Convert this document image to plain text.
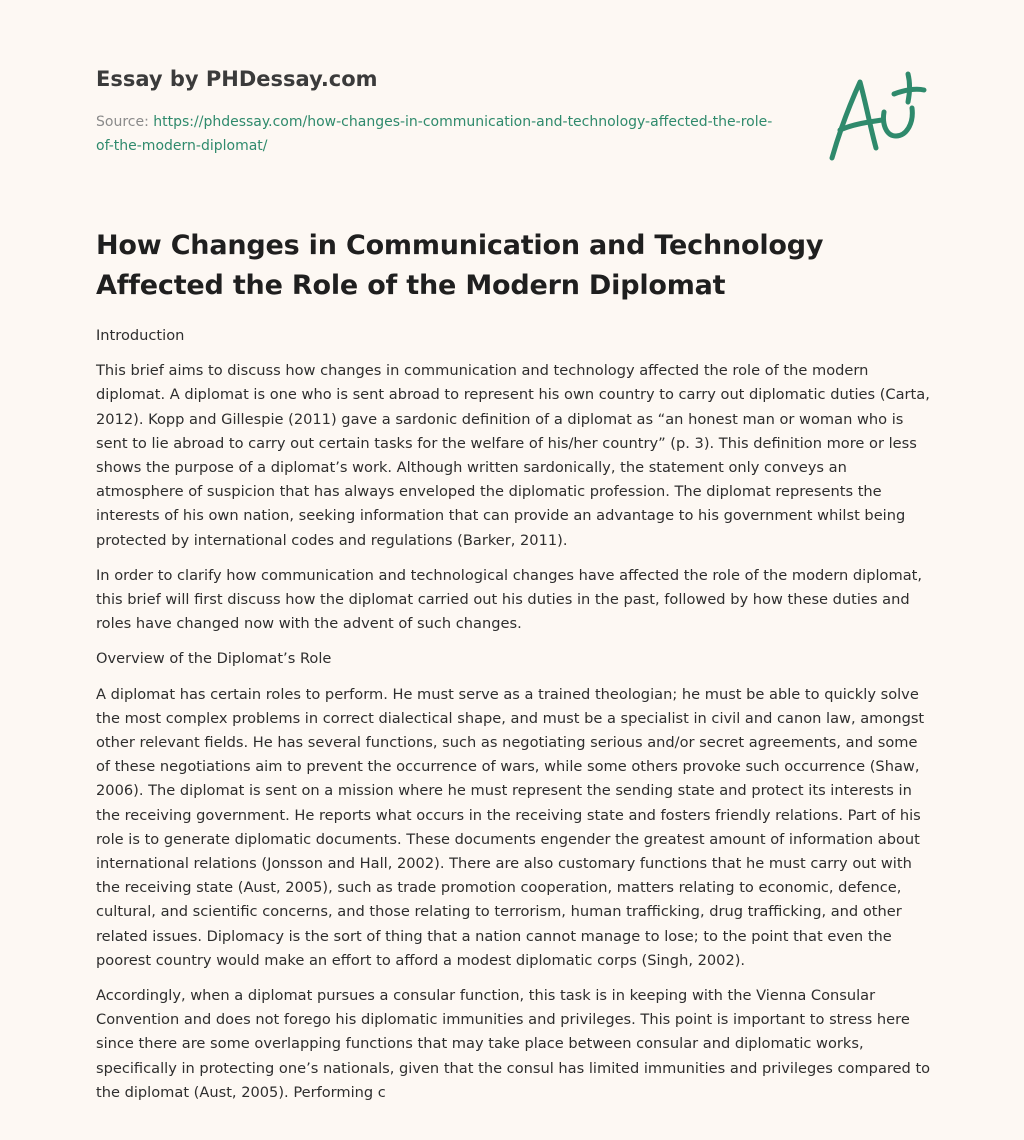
Essay by PHDessay.com
Source: https://phdessay.com/how-changes-in-communication-and-technology-affected-the-role-of-the-modern-diplomat/
How Changes in Communication and Technology Affected the Role of the Modern Diplomat
Introduction

This brief aims to discuss how changes in communication and technology affected the role of the modern diplomat. A diplomat is one who is sent abroad to represent his own country to carry out diplomatic duties (Carta, 2012). Kopp and Gillespie (2011) gave a sardonic definition of a diplomat as “an honest man or woman who is sent to lie abroad to carry out certain tasks for the welfare of his/her country” (p. 3). This definition more or less shows the purpose of a diplomat’s work. Although written sardonically, the statement only conveys an atmosphere of suspicion that has always enveloped the diplomatic profession. The diplomat represents the interests of his own nation, seeking information that can provide an advantage to his government whilst being protected by international codes and regulations (Barker, 2011).

In order to clarify how communication and technological changes have affected the role of the modern diplomat, this brief will first discuss how the diplomat carried out his duties in the past, followed by how these duties and roles have changed now with the advent of such changes.

Overview of the Diplomat’s Role

A diplomat has certain roles to perform. He must serve as a trained theologian; he must be able to quickly solve the most complex problems in correct dialectical shape, and must be a specialist in civil and canon law, amongst other relevant fields. He has several functions, such as negotiating serious and/or secret agreements, and some of these negotiations aim to prevent the occurrence of wars, while some others provoke such occurrence (Shaw, 2006). The diplomat is sent on a mission where he must represent the sending state and protect its interests in the receiving government. He reports what occurs in the receiving state and fosters friendly relations. Part of his role is to generate diplomatic documents. These documents engender the greatest amount of information about international relations (Jonsson and Hall, 2002). There are also customary functions that he must carry out with the receiving state (Aust, 2005), such as trade promotion cooperation, matters relating to economic, defence, cultural, and scientific concerns, and those relating to terrorism, human trafficking, drug trafficking, and other related issues. Diplomacy is the sort of thing that a nation cannot manage to lose; to the point that even the poorest country would make an effort to afford a modest diplomatic corps (Singh, 2002).

Accordingly, when a diplomat pursues a consular function, this task is in keeping with the Vienna Consular Convention and does not forego his diplomatic immunities and privileges. This point is important to stress here since there are some overlapping functions that may take place between consular and diplomatic works, specifically in protecting one’s nationals, given that the consul has limited immunities and privileges compared to the diplomat (Aust, 2005). Performing c
